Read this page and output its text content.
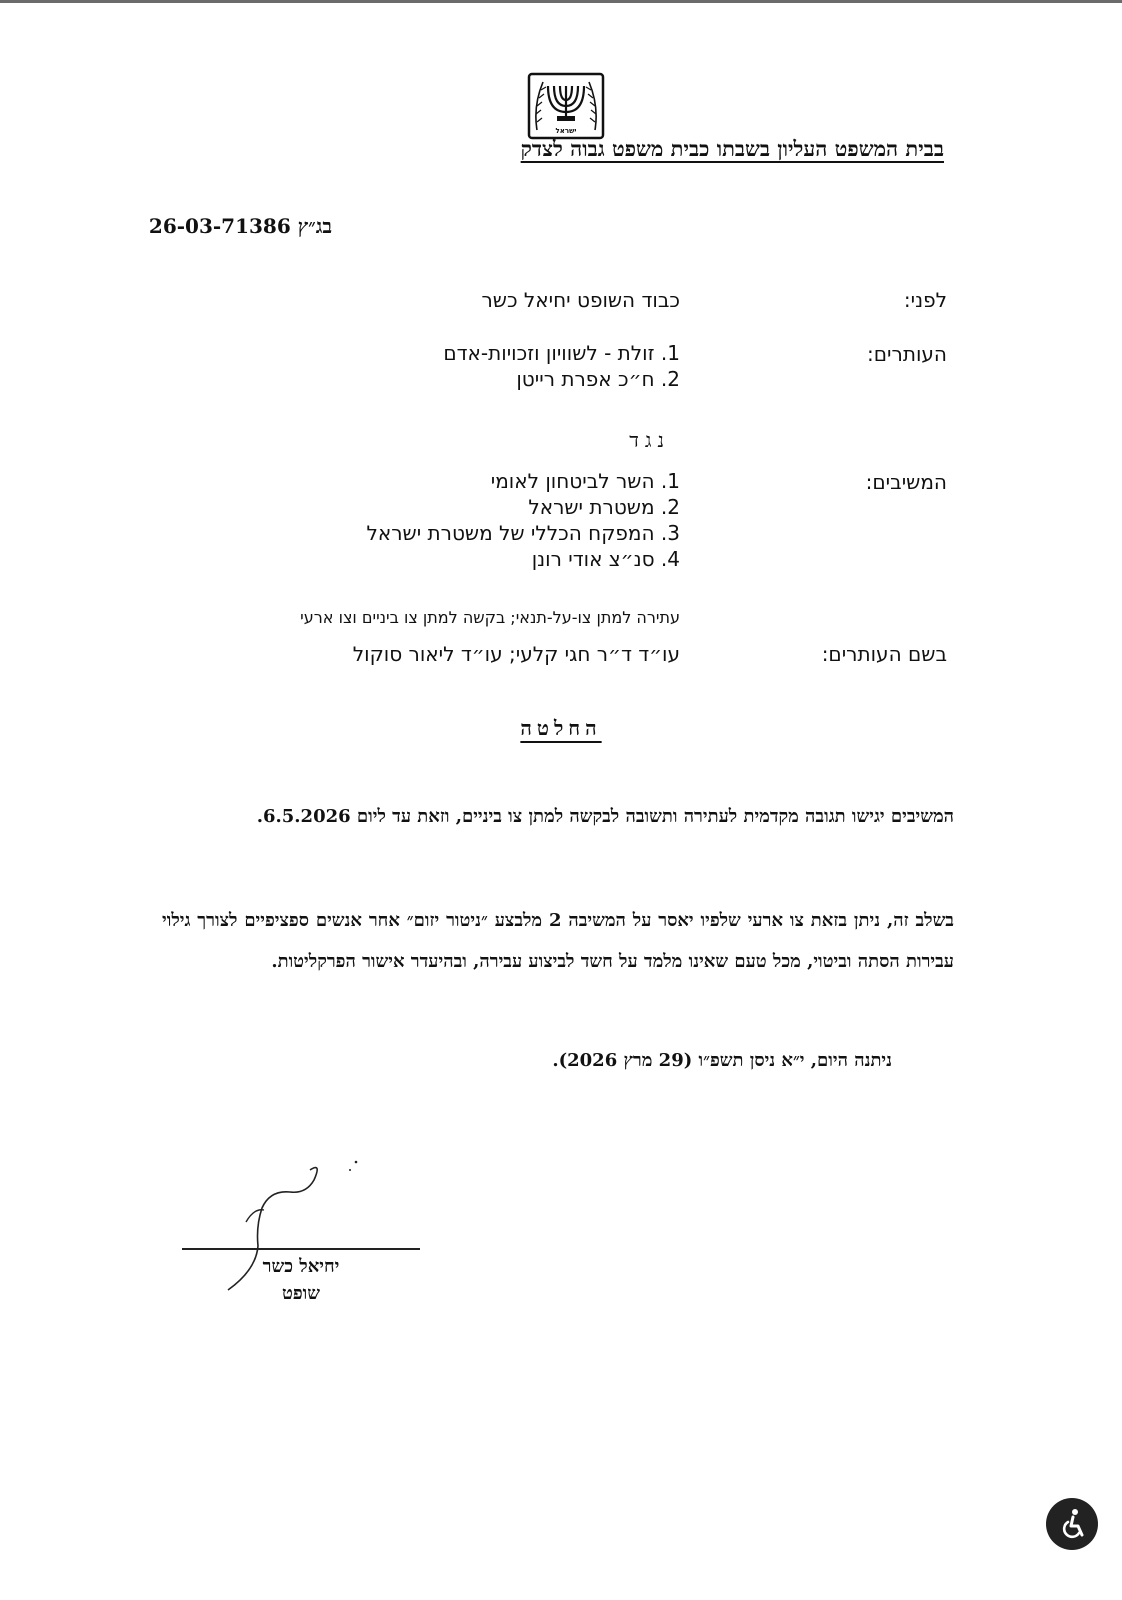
ישראל
בבית המשפט העליון בשבתו כבית משפט גבוה לצדק
בג״ץ 26-03-71386
לפני:
כבוד השופט יחיאל כשר
העותרים:
1. זולת - לשוויון וזכויות-אדם
2. ח״כ אפרת רייטן
נגד
המשיבים:
1. השר לביטחון לאומי
2. משטרת ישראל
3. המפקח הכללי של משטרת ישראל
4. סנ״צ אודי רונן
עתירה למתן צו-על-תנאי; בקשה למתן צו ביניים וצו ארעי
בשם העותרים:
עו״ד ד״ר חגי קלעי; עו״ד ליאור סוקול
החלטה

המשיבים יגישו תגובה מקדמית לעתירה ותשובה לבקשה למתן צו ביניים, וזאת עד ליום 6.5.2026.

בשלב זה, ניתן בזאת צו ארעי שלפיו יאסר על המשיבה 2 מלבצע ״ניטור יזום״ אחר אנשים ספציפיים לצורך גילוי עבירות הסתה וביטוי, מכל טעם שאינו מלמד על חשד לביצוע עבירה, ובהיעדר אישור הפרקליטות.

ניתנה היום, י״א ניסן תשפ״ו (29 מרץ 2026).
יחיאל כשר
שופט
